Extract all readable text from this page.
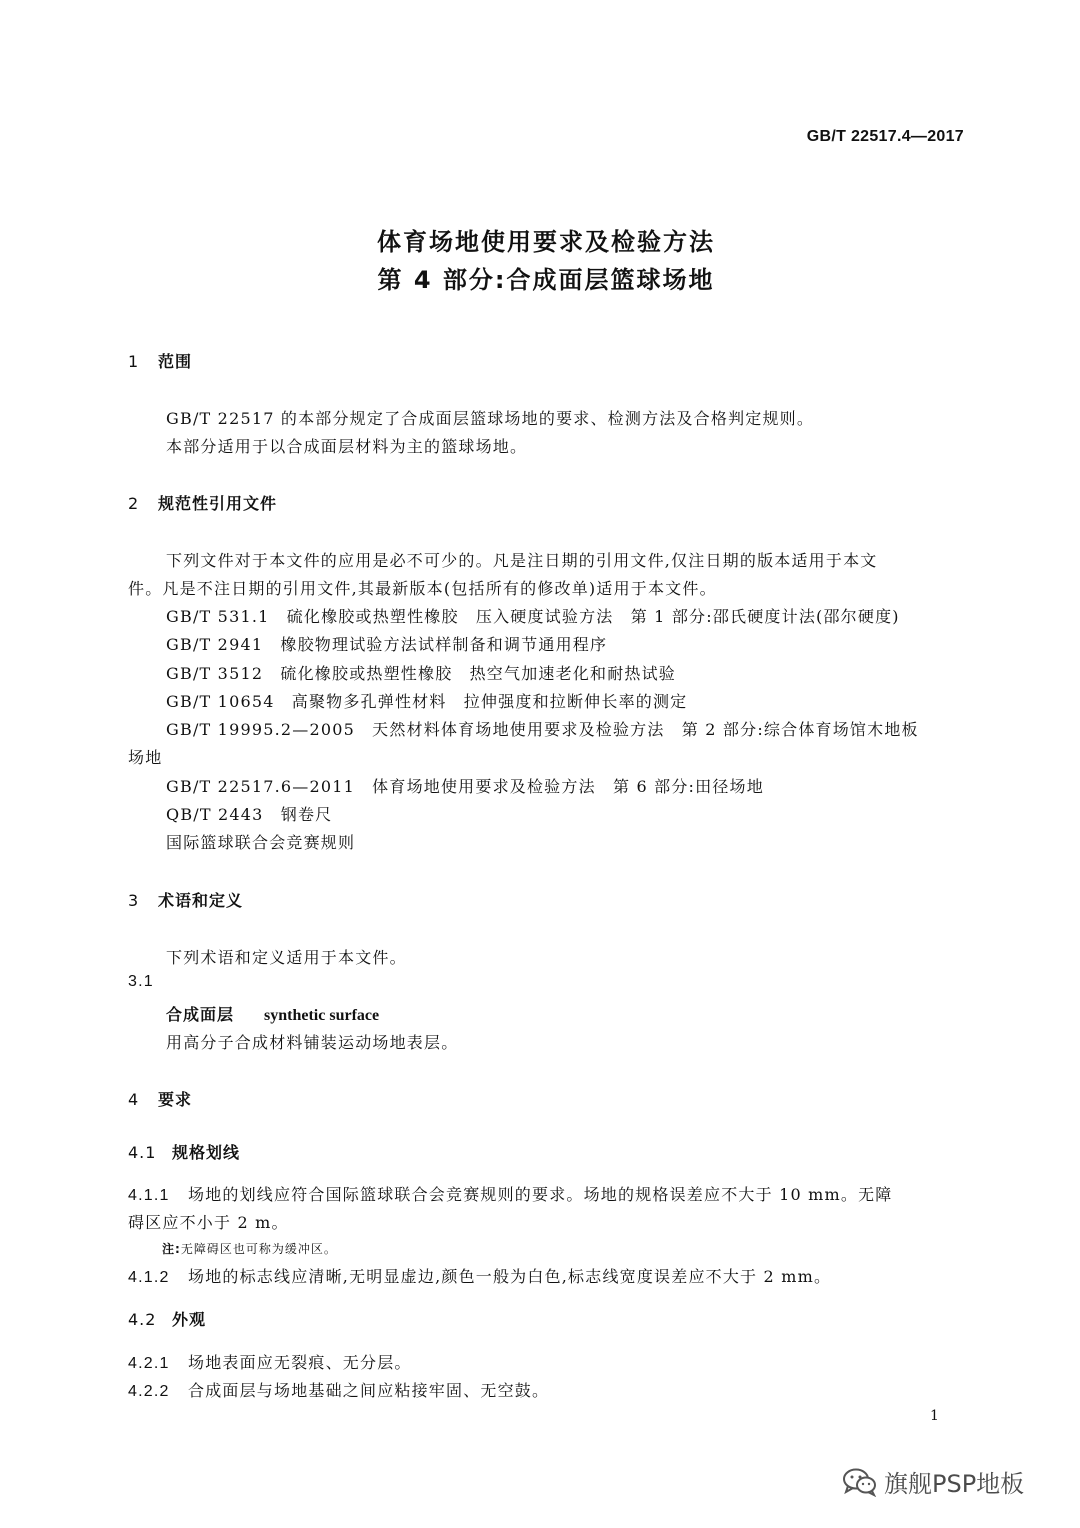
GB/T 22517.4—2017
体育场地使用要求及检验方法
第 4 部分:合成面层篮球场地
1 范围
GB/T 22517 的本部分规定了合成面层篮球场地的要求、检测方法及合格判定规则。
本部分适用于以合成面层材料为主的篮球场地。
2 规范性引用文件
下列文件对于本文件的应用是必不可少的。凡是注日期的引用文件,仅注日期的版本适用于本文
件。凡是不注日期的引用文件,其最新版本(包括所有的修改单)适用于本文件。
GB/T 531.1　硫化橡胶或热塑性橡胶　压入硬度试验方法　第 1 部分:邵氏硬度计法(邵尔硬度)
GB/T 2941　橡胶物理试验方法试样制备和调节通用程序
GB/T 3512　硫化橡胶或热塑性橡胶　热空气加速老化和耐热试验
GB/T 10654　高聚物多孔弹性材料　拉伸强度和拉断伸长率的测定
GB/T 19995.2—2005　天然材料体育场地使用要求及检验方法　第 2 部分:综合体育场馆木地板
场地
GB/T 22517.6—2011　体育场地使用要求及检验方法　第 6 部分:田径场地
QB/T 2443　钢卷尺
国际篮球联合会竞赛规则
3 术语和定义
下列术语和定义适用于本文件。
3.1
合成面层 synthetic surface
用高分子合成材料铺装运动场地表层。
4 要求
4.1 规格划线
4.1.1 场地的划线应符合国际篮球联合会竞赛规则的要求。场地的规格误差应不大于 10 mm。无障
碍区应不小于 2 m。
注:无障碍区也可称为缓冲区。
4.1.2 场地的标志线应清晰,无明显虚边,颜色一般为白色,标志线宽度误差应不大于 2 mm。
4.2 外观
4.2.1 场地表面应无裂痕、无分层。
4.2.2 合成面层与场地基础之间应粘接牢固、无空鼓。
1
旗舰PSP地板
